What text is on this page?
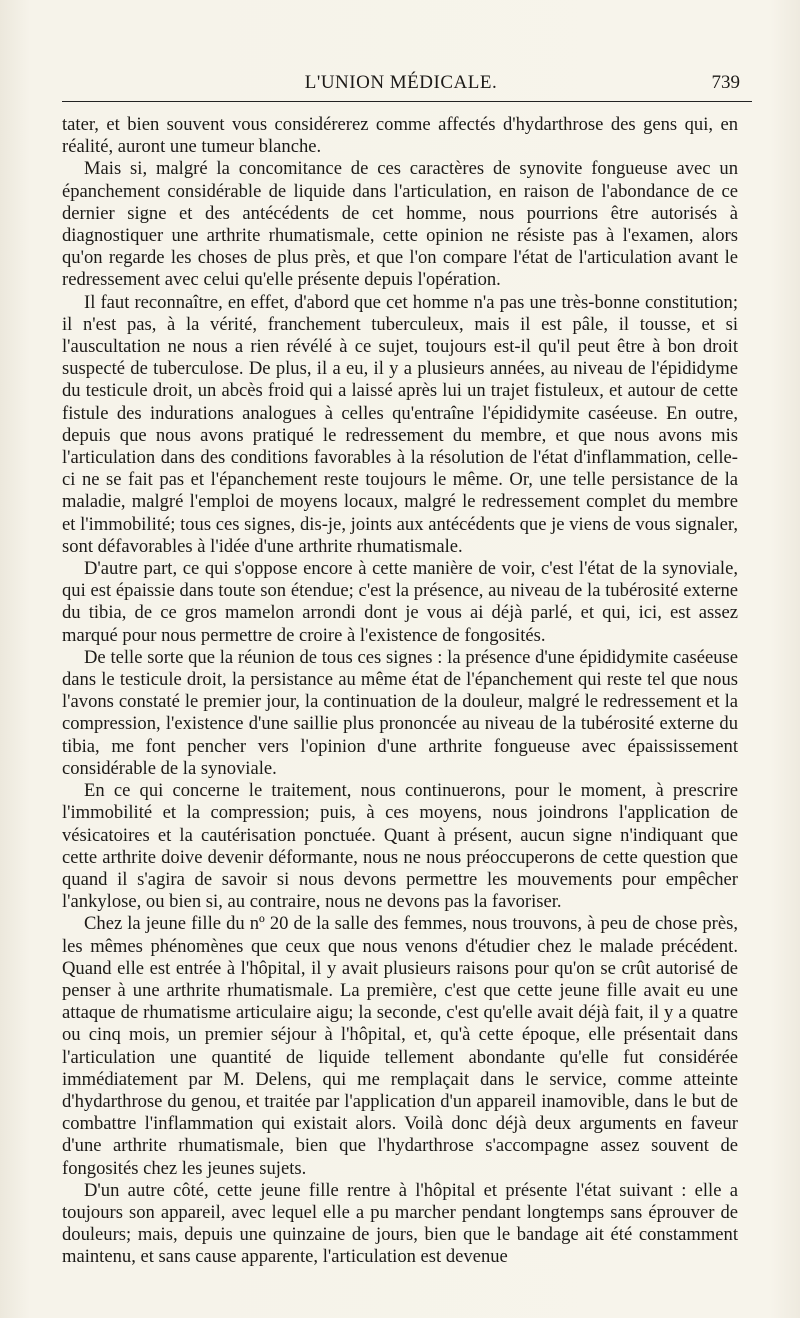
L'UNION MÉDICALE.	739

tater, et bien souvent vous considérerez comme affectés d'hydarthrose des gens qui, en réalité, auront une tumeur blanche.

Mais si, malgré la concomitance de ces caractères de synovite fongueuse avec un épanchement considérable de liquide dans l'articulation, en raison de l'abondance de ce dernier signe et des antécédents de cet homme, nous pourrions être autorisés à diagnostiquer une arthrite rhumatismale, cette opinion ne résiste pas à l'examen, alors qu'on regarde les choses de plus près, et que l'on compare l'état de l'articulation avant le redressement avec celui qu'elle présente depuis l'opération.

Il faut reconnaître, en effet, d'abord que cet homme n'a pas une très-bonne constitution; il n'est pas, à la vérité, franchement tuberculeux, mais il est pâle, il tousse, et si l'auscultation ne nous a rien révélé à ce sujet, toujours est-il qu'il peut être à bon droit suspecté de tuberculose. De plus, il a eu, il y a plusieurs années, au niveau de l'épididyme du testicule droit, un abcès froid qui a laissé après lui un trajet fistuleux, et autour de cette fistule des indurations analogues à celles qu'entraîne l'épididymite caséeuse. En outre, depuis que nous avons pratiqué le redressement du membre, et que nous avons mis l'articulation dans des conditions favorables à la résolution de l'état d'inflammation, celle-ci ne se fait pas et l'épanchement reste toujours le même. Or, une telle persistance de la maladie, malgré l'emploi de moyens locaux, malgré le redressement complet du membre et l'immobilité; tous ces signes, dis-je, joints aux antécédents que je viens de vous signaler, sont défavorables à l'idée d'une arthrite rhumatismale.

D'autre part, ce qui s'oppose encore à cette manière de voir, c'est l'état de la synoviale, qui est épaissie dans toute son étendue; c'est la présence, au niveau de la tubérosité externe du tibia, de ce gros mamelon arrondi dont je vous ai déjà parlé, et qui, ici, est assez marqué pour nous permettre de croire à l'existence de fongosités.

De telle sorte que la réunion de tous ces signes : la présence d'une épididymite caséeuse dans le testicule droit, la persistance au même état de l'épanchement qui reste tel que nous l'avons constaté le premier jour, la continuation de la douleur, malgré le redressement et la compression, l'existence d'une saillie plus prononcée au niveau de la tubérosité externe du tibia, me font pencher vers l'opinion d'une arthrite fongueuse avec épaississement considérable de la synoviale.

En ce qui concerne le traitement, nous continuerons, pour le moment, à prescrire l'immobilité et la compression; puis, à ces moyens, nous joindrons l'application de vésicatoires et la cautérisation ponctuée. Quant à présent, aucun signe n'indiquant que cette arthrite doive devenir déformante, nous ne nous préoccuperons de cette question que quand il s'agira de savoir si nous devons permettre les mouvements pour empêcher l'ankylose, ou bien si, au contraire, nous ne devons pas la favoriser.

Chez la jeune fille du nº 20 de la salle des femmes, nous trouvons, à peu de chose près, les mêmes phénomènes que ceux que nous venons d'étudier chez le malade précédent. Quand elle est entrée à l'hôpital, il y avait plusieurs raisons pour qu'on se crût autorisé de penser à une arthrite rhumatismale. La première, c'est que cette jeune fille avait eu une attaque de rhumatisme articulaire aigu; la seconde, c'est qu'elle avait déjà fait, il y a quatre ou cinq mois, un premier séjour à l'hôpital, et, qu'à cette époque, elle présentait dans l'articulation une quantité de liquide tellement abondante qu'elle fut considérée immédiatement par M. Delens, qui me remplaçait dans le service, comme atteinte d'hydarthrose du genou, et traitée par l'application d'un appareil inamovible, dans le but de combattre l'inflammation qui existait alors. Voilà donc déjà deux arguments en faveur d'une arthrite rhumatismale, bien que l'hydarthrose s'accompagne assez souvent de fongosités chez les jeunes sujets.

D'un autre côté, cette jeune fille rentre à l'hôpital et présente l'état suivant : elle a toujours son appareil, avec lequel elle a pu marcher pendant longtemps sans éprouver de douleurs; mais, depuis une quinzaine de jours, bien que le bandage ait été constamment maintenu, et sans cause apparente, l'articulation est devenue
